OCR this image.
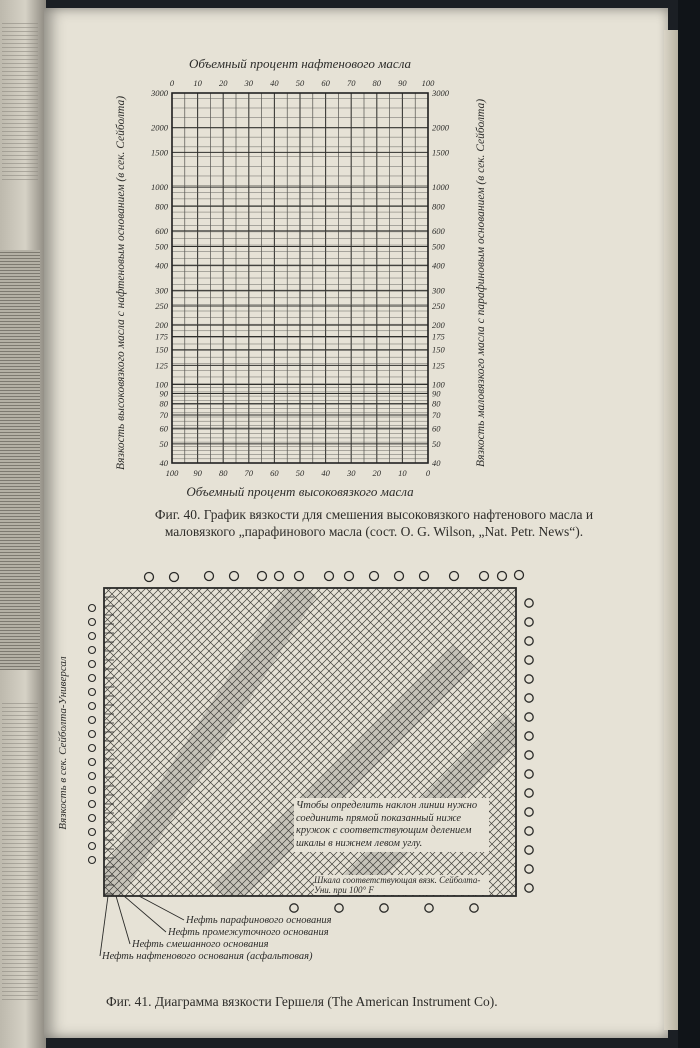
Объемный процент нафтенового масла
Объемный процент высоковязкого масла
Вязкость высоковязкого масла с нафтеновым основанием (в сек. Сейболта)	Вязкость маловязкого масла с парафиновым основанием (в сек. Сейболта)
3000	3000
2000	2000
1500	1500
1000	1000
800	800
600	600
500	500
400	400
300	300
250	250
200	200
175	175
150	150
125	125
100	100
90	90
80	80
70	70
60	60
50	50
40	40
0 10 20 30 40 50 60 70 80 90 100
100 90 80 70 60 50 40 30 20 10 0
Фиг. 40. График вязкости для смешения высоковязкого нафтенового масла и маловязкого „парафинового масла (сост. O. G. Wilson, „Nat. Petr. News“).
Вязкость в сек. Сейболта-Универсал	Чтобы определить наклон линии нужно соединить прямой показанный ниже кружок с соответствующим делением шкалы в нижнем левом углу.
Шкала соответствующая вязк. Сейболта-Уни. при 100° F
Нефть парафинового основания
Нефть промежуточного основания
Нефть смешанного основания
Нефть нафтенового основания (асфальтовая)
Фиг. 41. Диаграмма вязкости Гершеля (The American Instrument Co).
